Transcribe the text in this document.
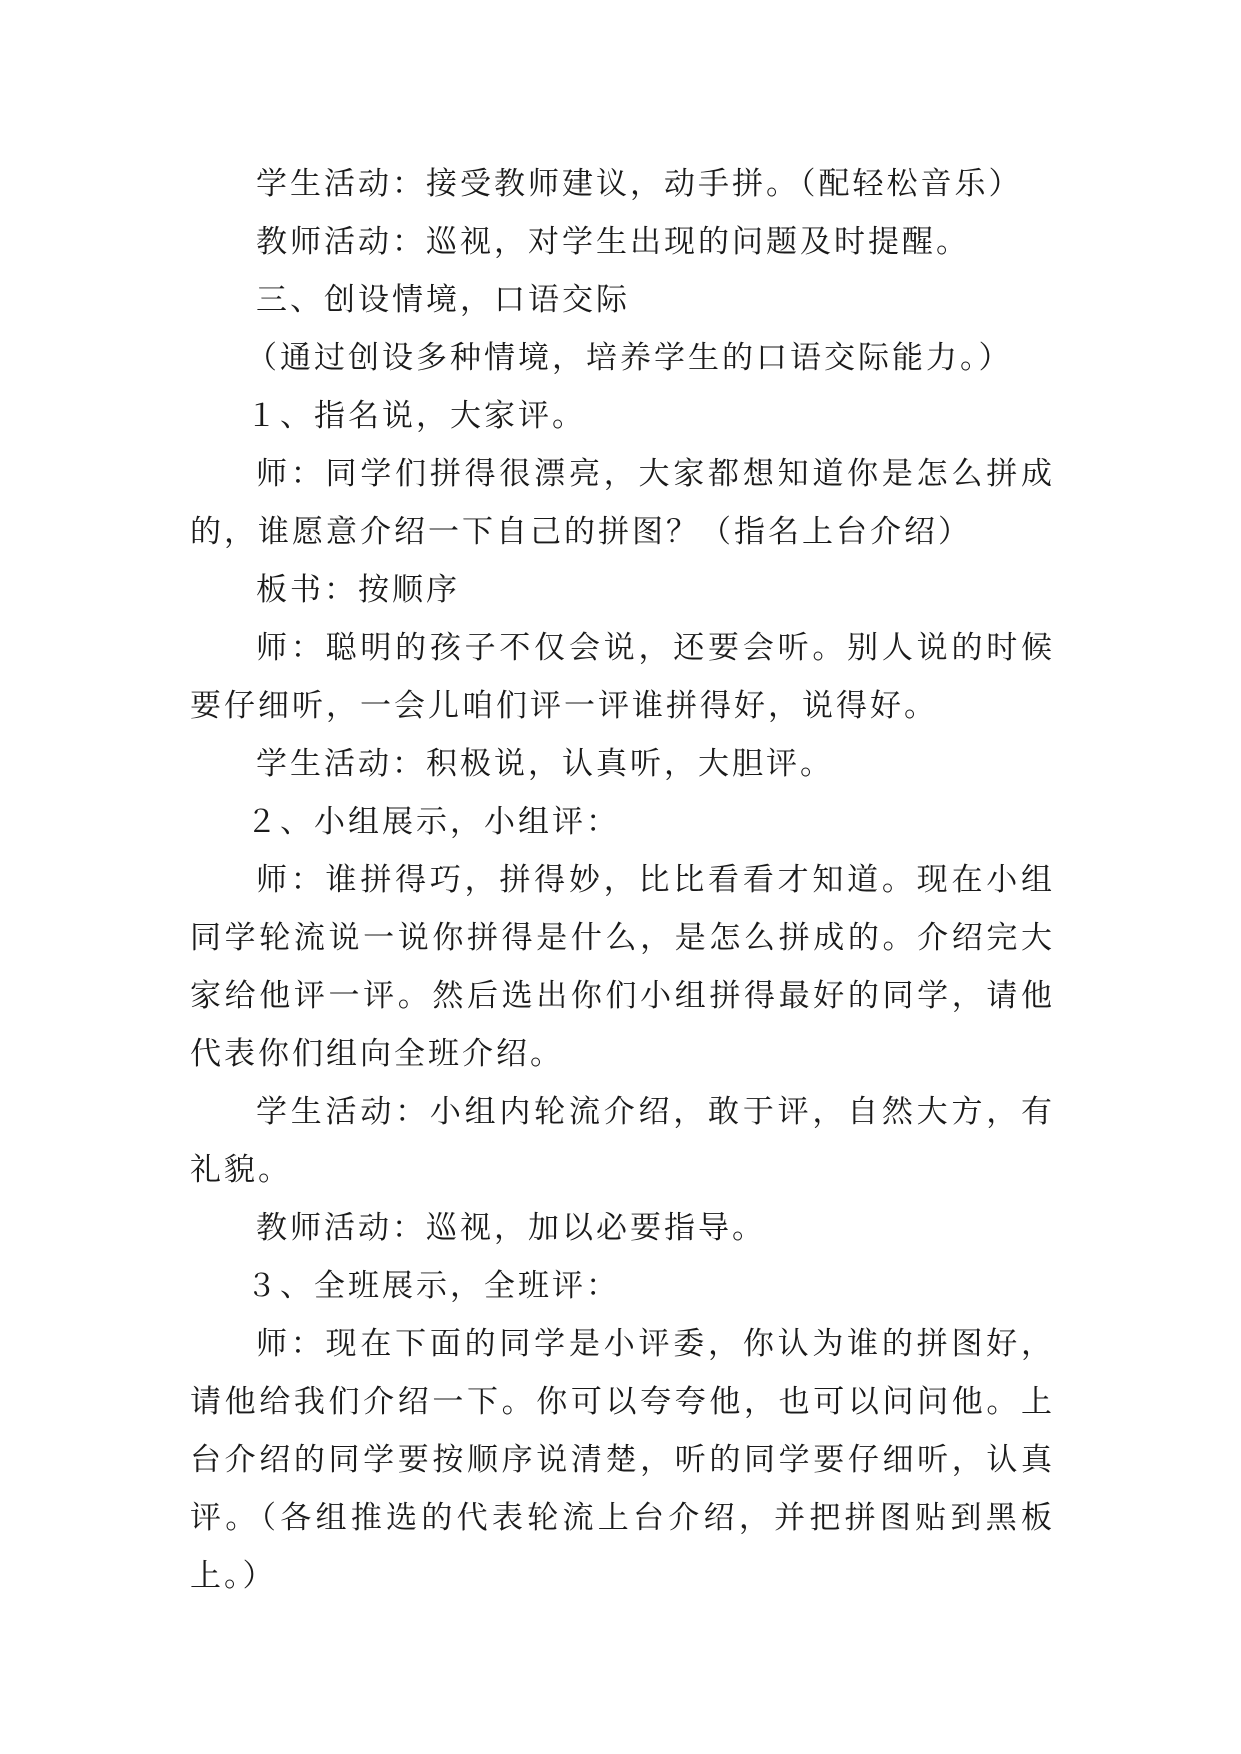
学生活动：接受教师建议，动手拼。（配轻松音乐）

教师活动：巡视，对学生出现的问题及时提醒。

三、创设情境，口语交际

（通过创设多种情境，培养学生的口语交际能力。）

１、指名说，大家评。

师：同学们拼得很漂亮，大家都想知道你是怎么拼成的，谁愿意介绍一下自己的拼图？（指名上台介绍）

板书：按顺序

师：聪明的孩子不仅会说，还要会听。别人说的时候要仔细听，一会儿咱们评一评谁拼得好，说得好。

学生活动：积极说，认真听，大胆评。

２、小组展示，小组评：

师：谁拼得巧，拼得妙，比比看看才知道。现在小组同学轮流说一说你拼得是什么，是怎么拼成的。介绍完大家给他评一评。然后选出你们小组拼得最好的同学，请他代表你们组向全班介绍。

学生活动：小组内轮流介绍，敢于评，自然大方，有礼貌。

教师活动：巡视，加以必要指导。

３、全班展示，全班评：

师：现在下面的同学是小评委，你认为谁的拼图好，请他给我们介绍一下。你可以夸夸他，也可以问问他。上台介绍的同学要按顺序说清楚，听的同学要仔细听，认真评。（各组推选的代表轮流上台介绍，并把拼图贴到黑板上。）
